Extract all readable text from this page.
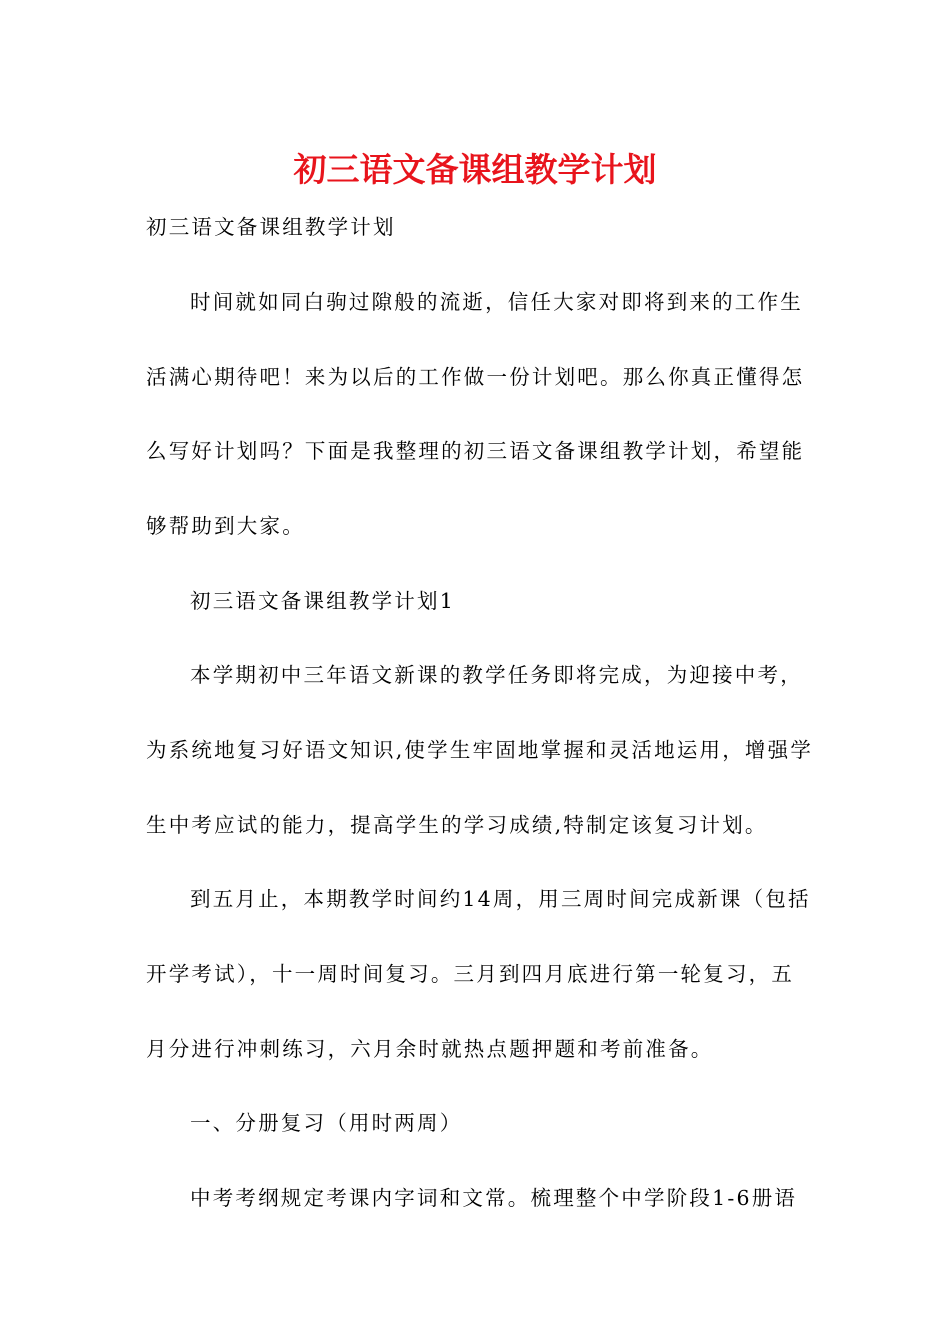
初三语文备课组教学计划

初三语文备课组教学计划

时间就如同白驹过隙般的流逝，信任大家对即将到来的工作生

活满心期待吧！来为以后的工作做一份计划吧。那么你真正懂得怎

么写好计划吗？下面是我整理的初三语文备课组教学计划，希望能

够帮助到大家。

初三语文备课组教学计划1

本学期初中三年语文新课的教学任务即将完成，为迎接中考，

为系统地复习好语文知识,使学生牢固地掌握和灵活地运用，增强学

生中考应试的能力，提高学生的学习成绩,特制定该复习计划。

到五月止，本期教学时间约14周，用三周时间完成新课（包括

开学考试），十一周时间复习。三月到四月底进行第一轮复习，五

月分进行冲刺练习，六月余时就热点题押题和考前准备。

一、分册复习（用时两周）

中考考纲规定考课内字词和文常。梳理整个中学阶段1-6册语
